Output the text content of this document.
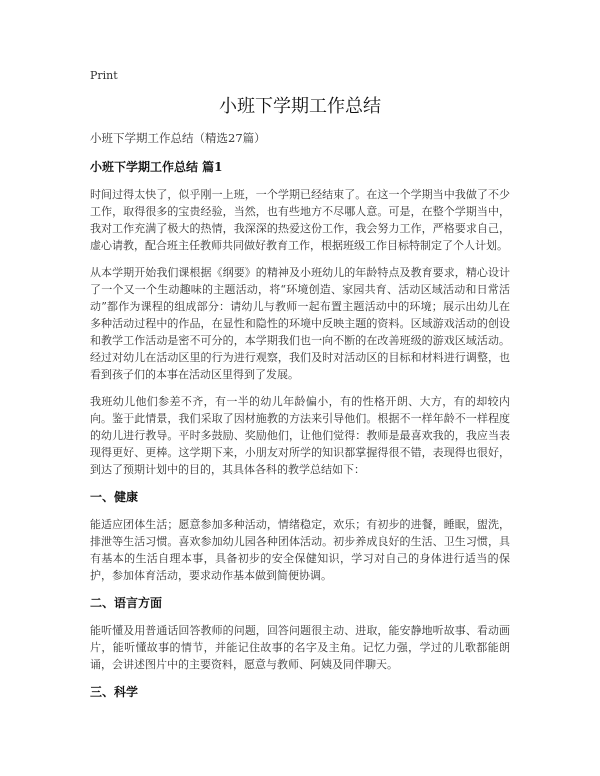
Print
小班下学期工作总结
小班下学期工作总结（精选27篇）
小班下学期工作总结 篇1

时间过得太快了，似乎刚一上班，一个学期已经结束了。在这一个学期当中我做了不少工作，取得很多的宝贵经验，当然，也有些地方不尽哪人意。可是，在整个学期当中，我对工作充满了极大的热情，我深深的热爱这份工作，我会努力工作，严格要求自己，虚心请教，配合班主任教师共同做好教育工作，根据班级工作目标特制定了个人计划。

从本学期开始我们课根据《纲要》的精神及小班幼儿的年龄特点及教育要求，精心设计了一个又一个生动趣味的主题活动，将“环境创造、家园共育、活动区域活动和日常活动”都作为课程的组成部分：请幼儿与教师一起布置主题活动中的环境；展示出幼儿在多种活动过程中的作品，在显性和隐性的环境中反映主题的资料。区域游戏活动的创设和教学工作活动是密不可分的，本学期我们也一向不断的在改善班级的游戏区域活动。经过对幼儿在活动区里的行为进行观察，我们及时对活动区的目标和材料进行调整，也看到孩子们的本事在活动区里得到了发展。

我班幼儿他们参差不齐，有一半的幼儿年龄偏小，有的性格开朗、大方，有的却较内向。鉴于此情景，我们采取了因材施教的方法来引导他们。根据不一样年龄不一样程度的幼儿进行教导。平时多鼓励、奖励他们，让他们觉得：教师是最喜欢我的，我应当表现得更好、更棒。这学期下来，小朋友对所学的知识都掌握得很不错，表现得也很好，到达了预期计划中的目的，其具体各科的教学总结如下：

一、健康

能适应团体生活；愿意参加多种活动，情绪稳定，欢乐；有初步的进餐，睡眠，盥洗，排泄等生活习惯。喜欢参加幼儿园各种团体活动。初步养成良好的生活、卫生习惯，具有基本的生活自理本事，具备初步的安全保健知识，学习对自己的身体进行适当的保护，参加体育活动，要求动作基本做到简便协调。

二、语言方面

能听懂及用普通话回答教师的问题，回答问题很主动、进取，能安静地听故事、看动画片，能听懂故事的情节，并能记住故事的名字及主角。记忆力强，学过的儿歌都能朗诵，会讲述图片中的主要资料，愿意与教师、阿姨及同伴聊天。

三、科学
